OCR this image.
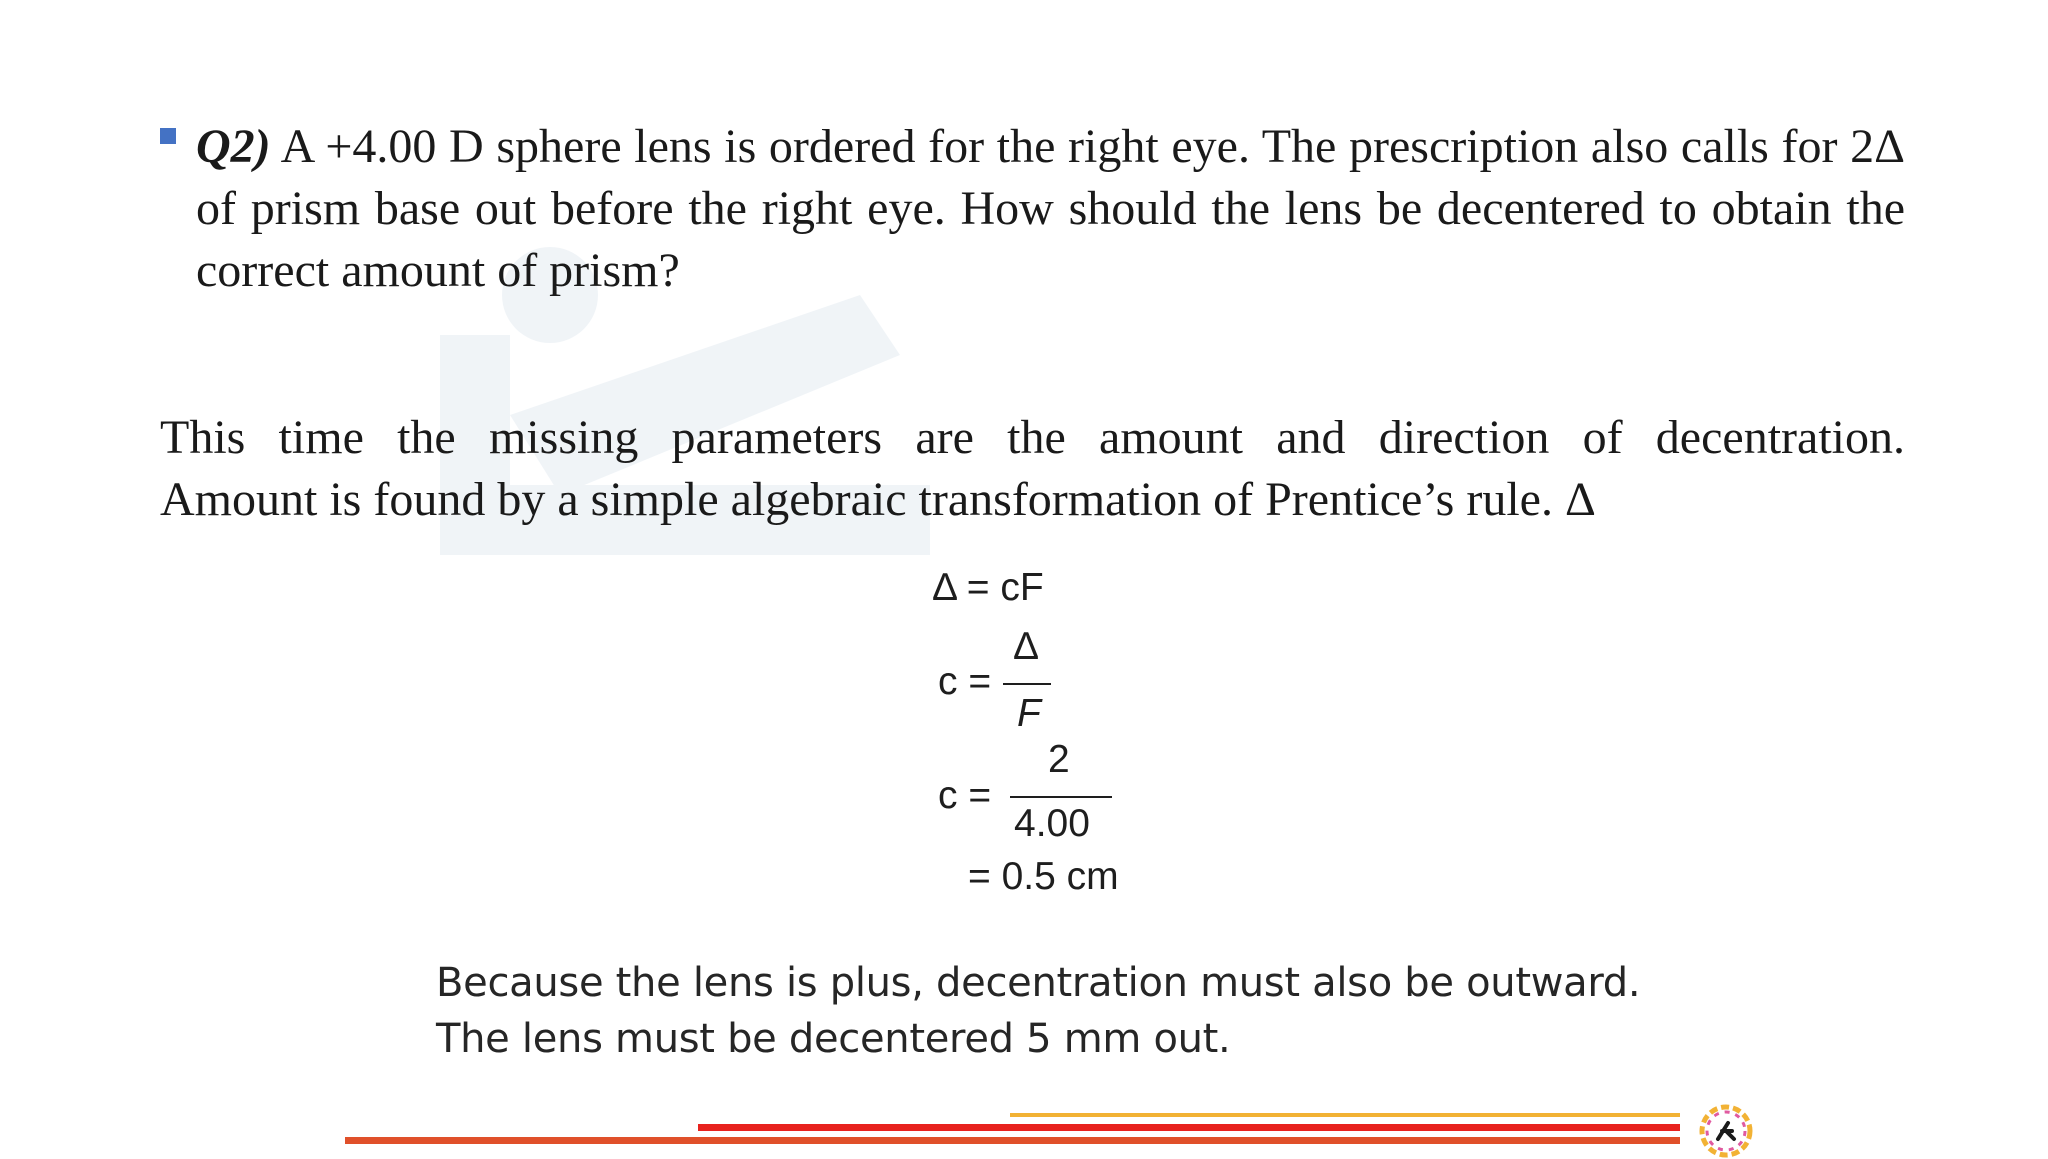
Q2) A +4.00 D sphere lens is ordered for the right eye. The prescription also calls for 2Δ of prism base out before the right eye. How should the lens be decentered to obtain the correct amount of prism?
This time the missing parameters are the amount and direction of decentration.
Amount is found by a simple algebraic transformation of Prentice’s rule. Δ
Δ = cF
c =
Δ
F
c =
2
4.00
= 0.5 cm
Because the lens is plus, decentration must also be outward.
The lens must be decentered 5 mm out.
